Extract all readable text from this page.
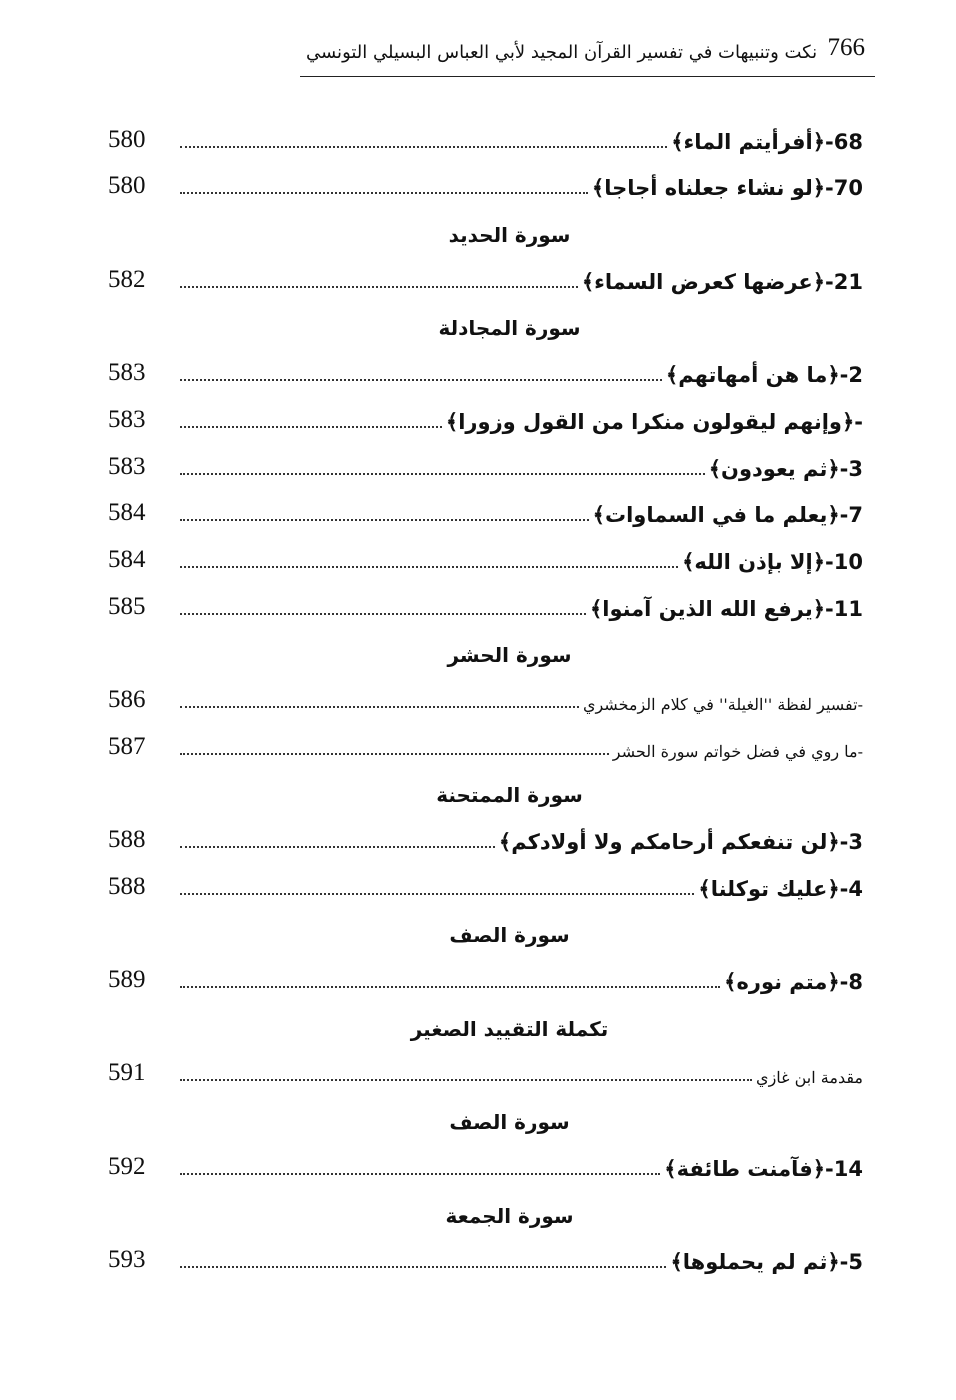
766
نكت وتنبيهات في تفسير القرآن المجيد لأبي العباس البسيلي التونسي
580	68-﴿أفرأيتم الماء﴾
580	70-﴿لو نشاء جعلناه أجاجا﴾
سورة الحديد
582	21-﴿عرضها كعرض السماء﴾
سورة المجادلة
583	2-﴿ما هن أمهاتهم﴾
583	-﴿وإنهم ليقولون منكرا من القول وزورا﴾
583	3-﴿ثم يعودون﴾
584	7-﴿يعلم ما في السماوات﴾
584	10-﴿إلا بإذن الله﴾
585	11-﴿يرفع الله الذين آمنوا﴾
سورة الحشر
586	-تفسير لفظة ''الغيلة'' في كلام الزمخشري
587	-ما روي في فضل خواتم سورة الحشر
سورة الممتحنة
588	3-﴿لن تنفعكم أرحامكم ولا أولادكم﴾
588	4-﴿عليك توكلنا﴾
سورة الصف
589	8-﴿متم نوره﴾
تكملة التقييد الصغير
591	مقدمة ابن غازي
سورة الصف
592	14-﴿فآمنت طائفة﴾
سورة الجمعة
593	5-﴿ثم لم يحملوها﴾
